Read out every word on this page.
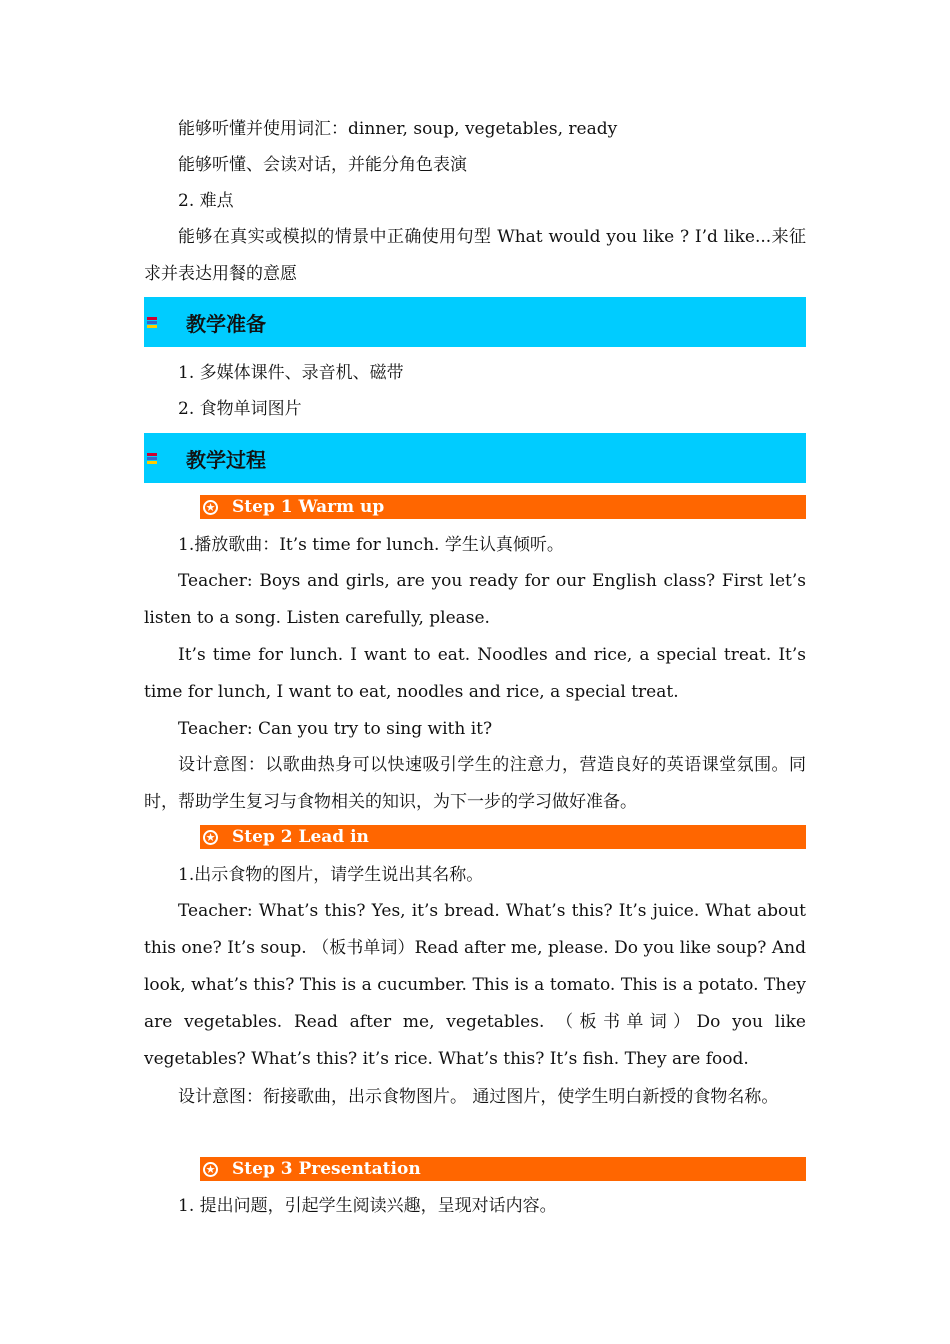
能够听懂并使用词汇：dinner, soup, vegetables, ready
能够听懂、会读对话，并能分角色表演
2. 难点

能够在真实或模拟的情景中正确使用句型 What would you like ? I’d like...来征求并表达用餐的意愿

教学准备
1. 多媒体课件、录音机、磁带
2. 食物单词图片
教学过程
★ Step 1 Warm up
1.播放歌曲：It’s time for lunch. 学生认真倾听。

Teacher: Boys and girls, are you ready for our English class? First let’s listen to a song. Listen carefully, please.

It’s time for lunch. I want to eat. Noodles and rice, a special treat. It’s time for lunch, I want to eat, noodles and rice, a special treat.

Teacher: Can you try to sing with it?

设计意图：以歌曲热身可以快速吸引学生的注意力，营造良好的英语课堂氛围。同时，帮助学生复习与食物相关的知识，为下一步的学习做好准备。

★ Step 2 Lead in
1.出示食物的图片，请学生说出其名称。

Teacher: What’s this? Yes, it’s bread. What’s this? It’s juice. What about this one? It’s soup. （板书单词）Read after me, please. Do you like soup? And look, what’s this? This is a cucumber. This is a tomato. This is a potato. They are vegetables. Read after me, vegetables. （板书单词）Do you like vegetables? What’s this? it’s rice. What’s this? It’s fish. They are food.

设计意图：衔接歌曲，出示食物图片。 通过图片，使学生明白新授的食物名称。

★ Step 3 Presentation
1. 提出问题，引起学生阅读兴趣，呈现对话内容。
